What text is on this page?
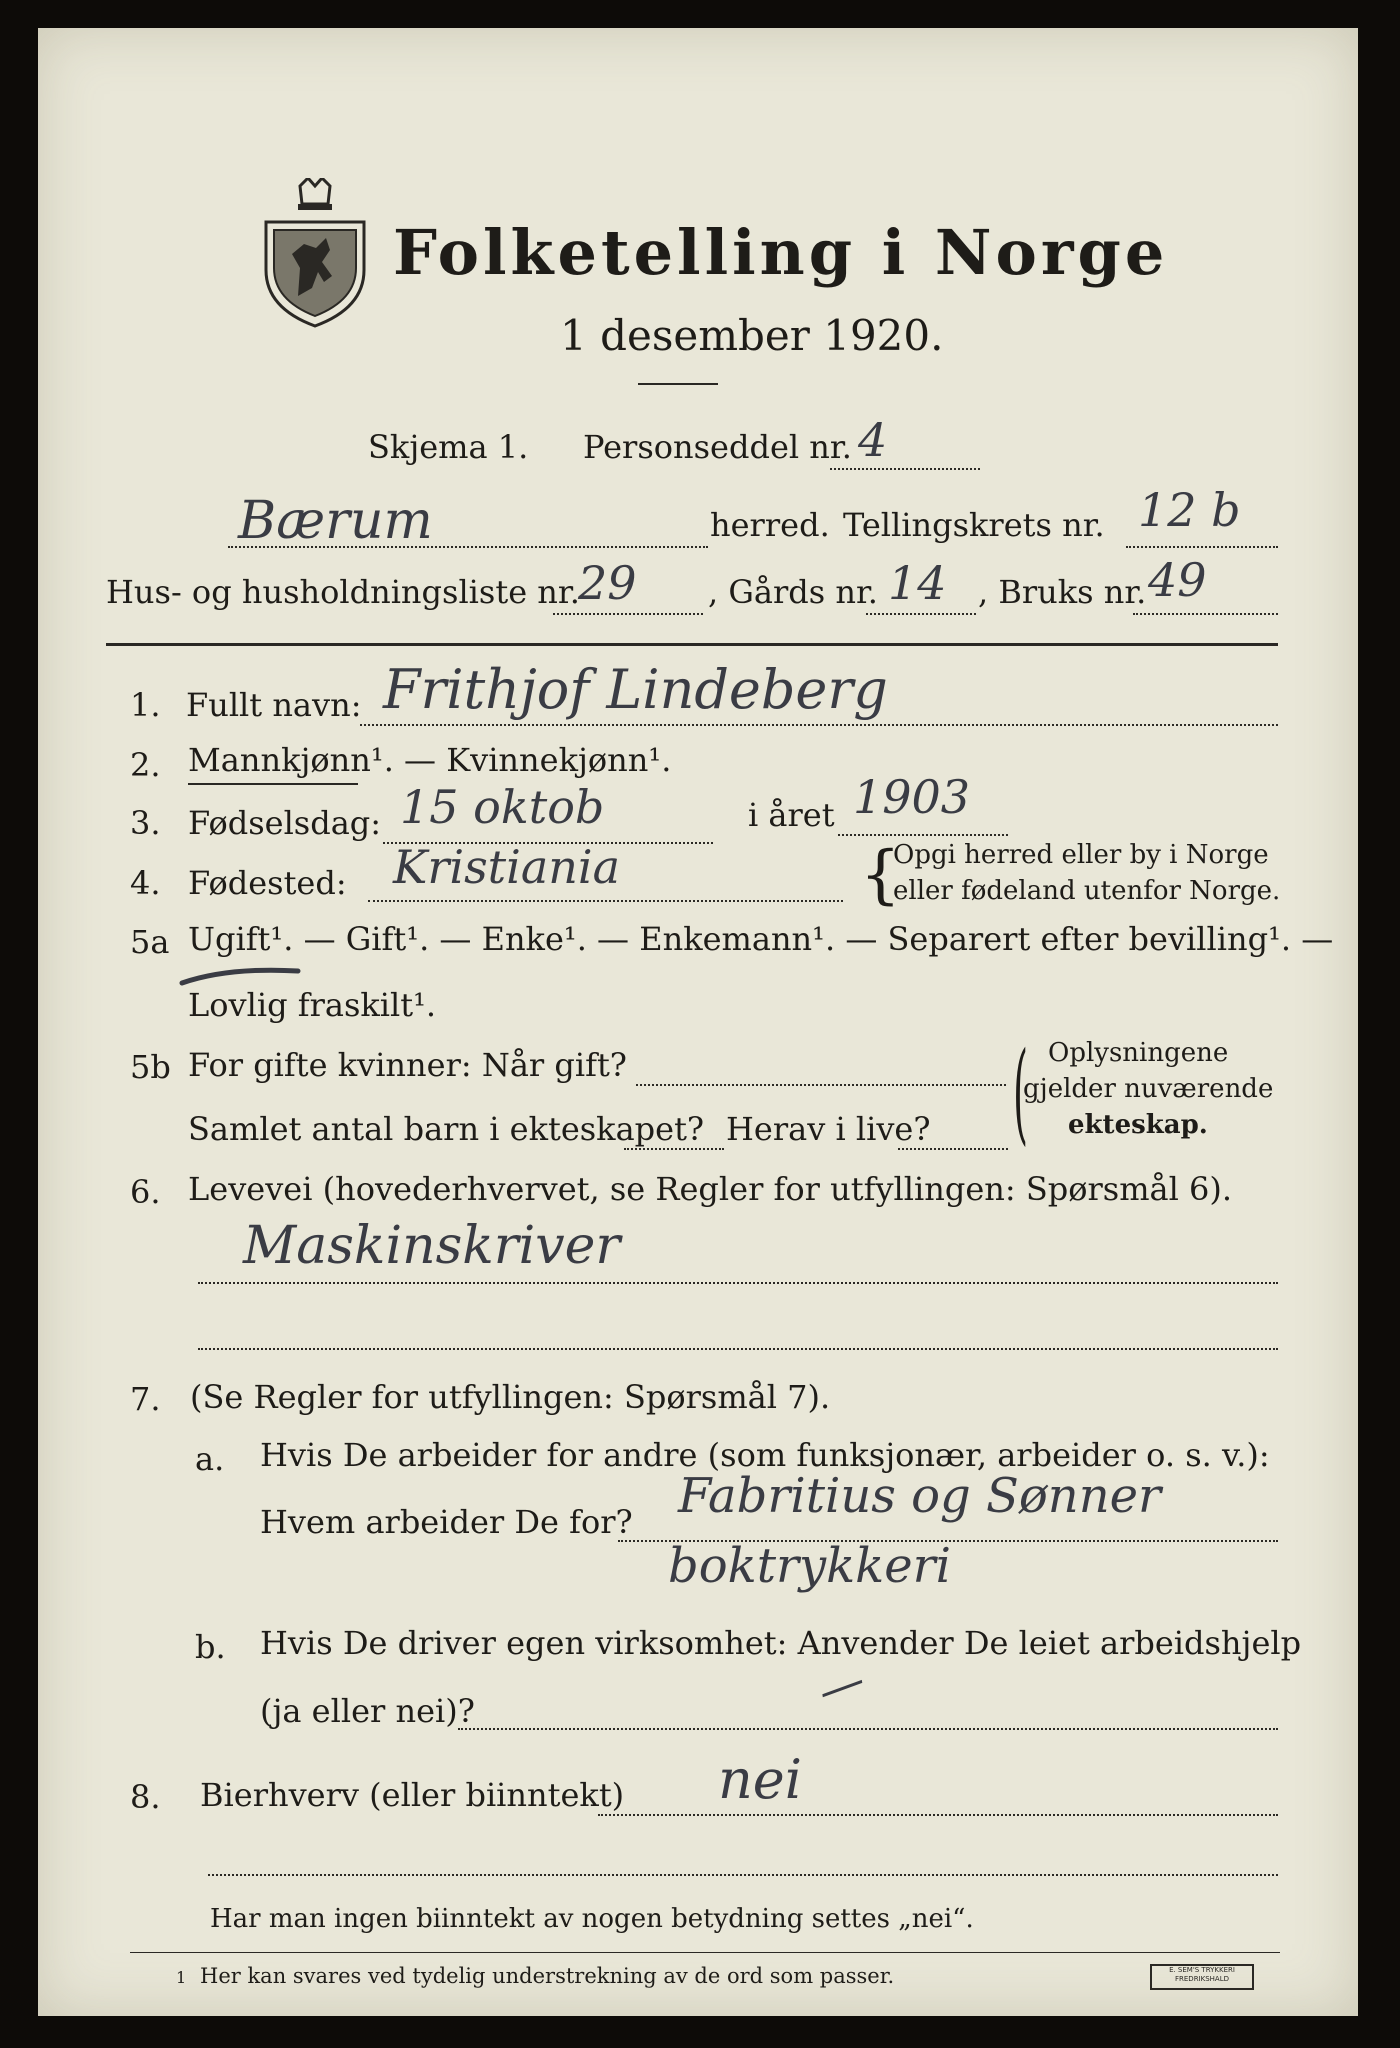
Folketelling i Norge
1 desember 1920.
Skjema 1. Personseddel nr. 4
Bærum	herred. Tellingskrets nr. 12 b
Hus- og husholdningsliste nr.
29 , Gårds nr. 14 , Bruks nr. 49
1. Fullt navn: Frithjof Lindeberg
2. Mannkjønn¹. — Kvinnekjønn¹.
3. Fødselsdag: 15 oktob	i året 1903
4. Fødested: Kristiania	{
Opgi herred eller by i Norge
eller fødeland utenfor Norge.
5a Ugift¹. — Gift¹. — Enke¹. — Enkemann¹. — Separert efter bevilling¹. —
Lovlig fraskilt¹.
5b For gifte kvinner: Når gift?
Samlet antal barn i ekteskapet? Herav i live? ( Oplysningene
gjelder nuværende
ekteskap.
6. Levevei (hovederhvervet, se Regler for utfyllingen: Spørsmål 6).
Maskinskriver
7. (Se Regler for utfyllingen: Spørsmål 7).
a. Hvis De arbeider for andre (som funksjonær, arbeider o. s. v.):
Hvem arbeider De for? Fabritius og Sønner
boktrykkeri
b. Hvis De driver egen virksomhet: Anvender De leiet arbeidshjelp
(ja eller nei)?	—
8. Bierhverv (eller biinntekt) nei
Har man ingen biinntekt av nogen betydning settes „nei“.
1 Her kan svares ved tydelig understrekning av de ord som passer.	E. SEM'S TRYKKERI
FREDRIKSHALD
